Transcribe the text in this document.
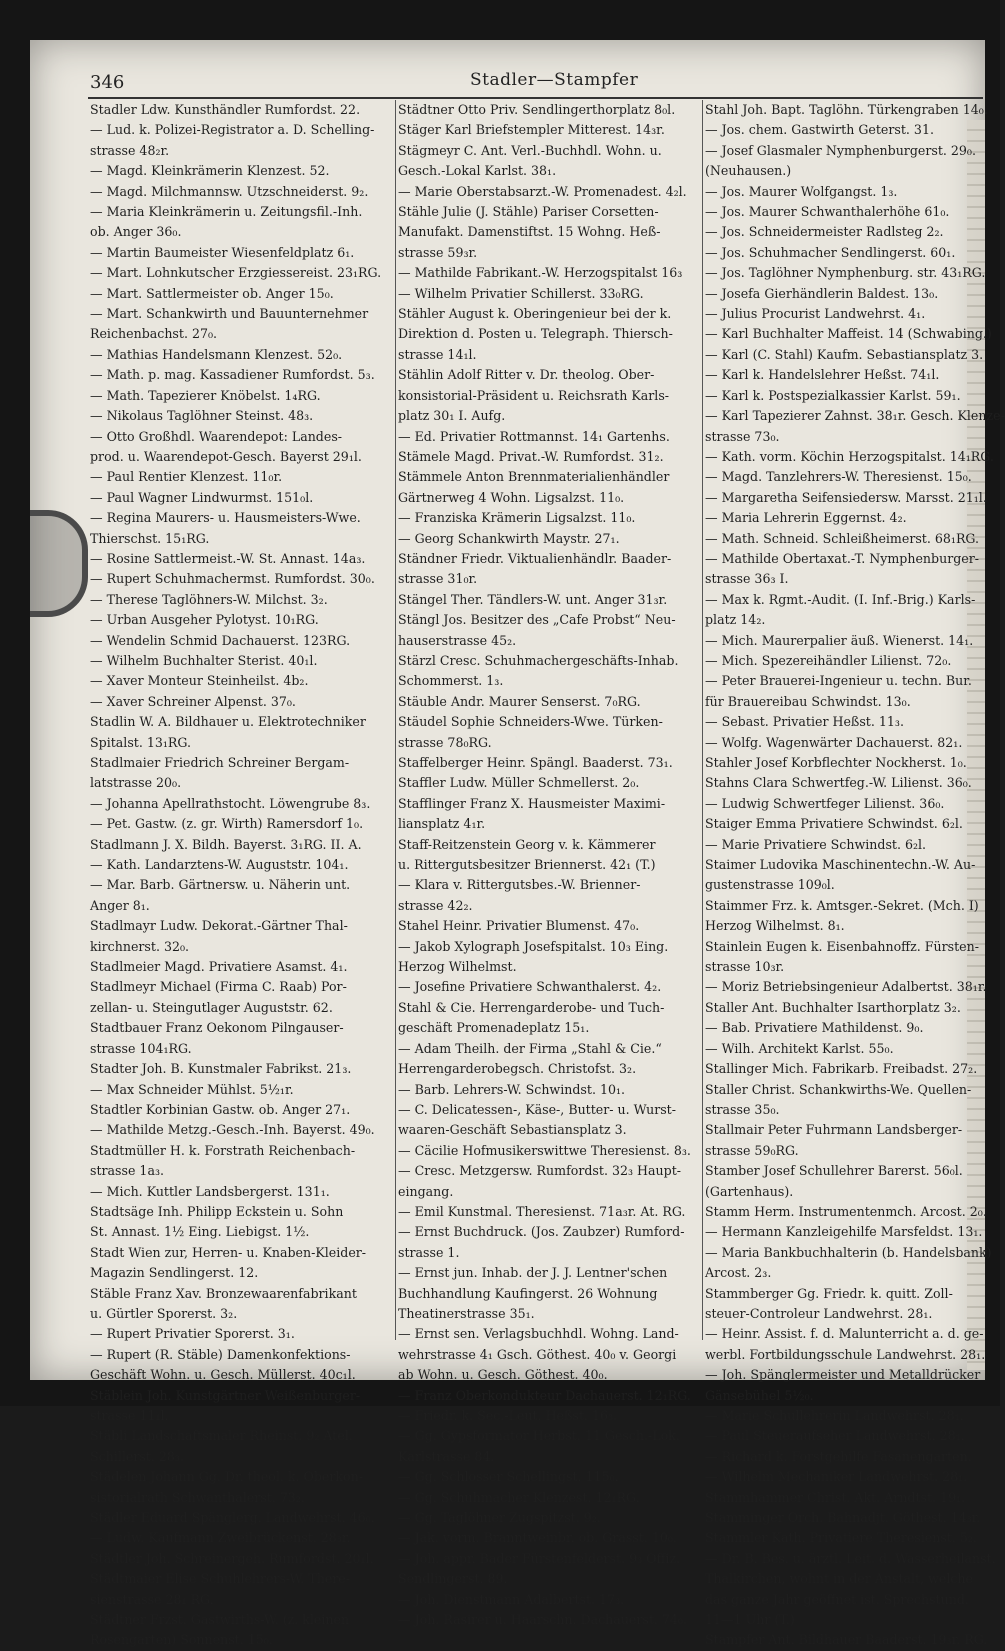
346	Stadler—Stampfer
Stadler Ldw. Kunsthändler Rumfordst. 22.
— Lud. k. Polizei-Registrator a. D. Schelling-
strasse 48₂r.
— Magd. Kleinkrämerin Klenzest. 52.
— Magd. Milchmannsw. Utzschneiderst. 9₂.
— Maria Kleinkrämerin u. Zeitungsfil.-Inh.
ob. Anger 36₀.
— Martin Baumeister Wiesenfeldplatz 6₁.
— Mart. Lohnkutscher Erzgiessereist. 23₁RG.
— Mart. Sattlermeister ob. Anger 15₀.
— Mart. Schankwirth und Bauunternehmer
Reichenbachst. 27₀.
— Mathias Handelsmann Klenzest. 52₀.
— Math. p. mag. Kassadiener Rumfordst. 5₃.
— Math. Tapezierer Knöbelst. 1₄RG.
— Nikolaus Taglöhner Steinst. 48₃.
— Otto Großhdl. Waarendepot: Landes-
prod. u. Waarendepot-Gesch. Bayerst 29₁l.
— Paul Rentier Klenzest. 11₀r.
— Paul Wagner Lindwurmst. 151₀l.
— Regina Maurers- u. Hausmeisters-Wwe.
Thierschst. 15₁RG.
— Rosine Sattlermeist.-W. St. Annast. 14a₃.
— Rupert Schuhmachermst. Rumfordst. 30₀.
— Therese Taglöhners-W. Milchst. 3₂.
— Urban Ausgeher Pylotyst. 10₁RG.
— Wendelin Schmid Dachauerst. 123RG.
— Wilhelm Buchhalter Sterist. 40₁l.
— Xaver Monteur Steinheilst. 4b₂.
— Xaver Schreiner Alpenst. 37₀.
Stadlin W. A. Bildhauer u. Elektrotechniker
Spitalst. 13₁RG.
Stadlmaier Friedrich Schreiner Bergam-
latstrasse 20₀.
— Johanna Apellrathstocht. Löwengrube 8₃.
— Pet. Gastw. (z. gr. Wirth) Ramersdorf 1₀.
Stadlmann J. X. Bildh. Bayerst. 3₁RG. II. A.
— Kath. Landarztens-W. Auguststr. 104₁.
— Mar. Barb. Gärtnersw. u. Näherin unt.
Anger 8₁.
Stadlmayr Ludw. Dekorat.-Gärtner Thal-
kirchnerst. 32₀.
Stadlmeier Magd. Privatiere Asamst. 4₁.
Stadlmeyr Michael (Firma C. Raab) Por-
zellan- u. Steingutlager Auguststr. 62.
Stadtbauer Franz Oekonom Pilngauser-
strasse 104₁RG.
Stadter Joh. B. Kunstmaler Fabrikst. 21₃.
— Max Schneider Mühlst. 5½₁r.
Stadtler Korbinian Gastw. ob. Anger 27₁.
— Mathilde Metzg.-Gesch.-Inh. Bayerst. 49₀.
Stadtmüller H. k. Forstrath Reichenbach-
strasse 1a₃.
— Mich. Kuttler Landsbergerst. 131₁.
Stadtsäge Inh. Philipp Eckstein u. Sohn
St. Annast. 1½ Eing. Liebigst. 1½.
Stadt Wien zur, Herren- u. Knaben-Kleider-
Magazin Sendlingerst. 12.
Stäble Franz Xav. Bronzewaarenfabrikant
u. Gürtler Sporerst. 3₂.
— Rupert Privatier Sporerst. 3₁.
— Rupert (R. Stäble) Damenkonfektions-
Geschäft Wohn. u. Gesch. Müllerst. 40c₁l.
Stäblein Joh. Kunstgärtner Weißenburger-
strasse 11₁l.
Stäbli Landschaftsmaler Rheinst. 9₂ Atel.
Schillerst. 28₃.
Städelen Johann Gg. Dr. theol. k. Oberkon-
sistorialrath Schwanthalerst. 73₂.
Städler Eduard Spänglerg. Landwehrst. 46₀.
— Ludw. Kaufmann Zweibrückenst. 28₃r.
Städtler Joh. Schreinergeh. Rumfordst. 20₁l.
Städtmaier Elise Schuhlehrers-W. There-
sienstrasse 28₁ RG.
Städtner Frzst. Gastwirths-W. (z. kleinen
Rosengarten) Sonnenst. 15₀.
Städtner Otto Priv. Sendlingerthorplatz 8₀l.
Stäger Karl Briefstempler Mitterest. 14₃r.
Stägmeyr C. Ant. Verl.-Buchhdl. Wohn. u.
Gesch.-Lokal Karlst. 38₁.
— Marie Oberstabsarzt.-W. Promenadest. 4₂l.
Stähle Julie (J. Stähle) Pariser Corsetten-
Manufakt. Damenstiftst. 15 Wohng. Heß-
strasse 59₃r.
— Mathilde Fabrikant.-W. Herzogspitalst 16₃
— Wilhelm Privatier Schillerst. 33₀RG.
Stähler August k. Oberingenieur bei der k.
Direktion d. Posten u. Telegraph. Thiersch-
strasse 14₁l.
Stählin Adolf Ritter v. Dr. theolog. Ober-
konsistorial-Präsident u. Reichsrath Karls-
platz 30₁ I. Aufg.
— Ed. Privatier Rottmannst. 14₁ Gartenhs.
Stämele Magd. Privat.-W. Rumfordst. 31₂.
Stämmele Anton Brennmaterialienhändler
Gärtnerweg 4 Wohn. Ligsalzst. 11₀.
— Franziska Krämerin Ligsalzst. 11₀.
— Georg Schankwirth Maystr. 27₁.
Ständner Friedr. Viktualienhändlr. Baader-
strasse 31₀r.
Stängel Ther. Tändlers-W. unt. Anger 31₃r.
Stängl Jos. Besitzer des „Cafe Probst“ Neu-
hauserstrasse 45₂.
Stärzl Cresc. Schuhmachergeschäfts-Inhab.
Schommerst. 1₃.
Stäuble Andr. Maurer Senserst. 7₀RG.
Stäudel Sophie Schneiders-Wwe. Türken-
strasse 78₀RG.
Staffelberger Heinr. Spängl. Baaderst. 73₁.
Staffler Ludw. Müller Schmellerst. 2₀.
Stafflinger Franz X. Hausmeister Maximi-
liansplatz 4₁r.
Staff-Reitzenstein Georg v. k. Kämmerer
u. Rittergutsbesitzer Briennerst. 42₁ (T.)
— Klara v. Rittergutsbes.-W. Brienner-
strasse 42₂.
Stahel Heinr. Privatier Blumenst. 47₀.
— Jakob Xylograph Josefspitalst. 10₃ Eing.
Herzog Wilhelmst.
— Josefine Privatiere Schwanthalerst. 4₂.
Stahl & Cie. Herrengarderobe- und Tuch-
geschäft Promenadeplatz 15₁.
— Adam Theilh. der Firma „Stahl & Cie.“
Herrengarderobegsch. Christofst. 3₂.
— Barb. Lehrers-W. Schwindst. 10₁.
— C. Delicatessen-, Käse-, Butter- u. Wurst-
waaren-Geschäft Sebastiansplatz 3.
— Cäcilie Hofmusikerswittwe Theresienst. 8₃.
— Cresc. Metzgersw. Rumfordst. 32₃ Haupt-
eingang.
— Emil Kunstmal. Theresienst. 71a₃r. At. RG.
— Ernst Buchdruck. (Jos. Zaubzer) Rumford-
strasse 1.
— Ernst jun. Inhab. der J. J. Lentner'schen
Buchhandlung Kaufingerst. 26 Wohnung
Theatinerstrasse 35₁.
— Ernst sen. Verlagsbuchhdl. Wohng. Land-
wehrstrasse 4₁ Gsch. Göthest. 40₀ v. Georgi
ab Wohn. u. Gesch. Göthest. 40₀.
— Franz Oberkondukteur Dachauerst. 12₁RG.
— Friedr. k. Sec.-Leut. Heßst. 16₃.
— Gg. Gypsformator Herbst. 11 Gesch.-Lok.
Karlstrasse 84.
— Gg. Schlosser Schellingst. 115₀.
— Gg. Schuhmacher Klenzest. 12₁RG.
— Gg. Taglöhner Zugspitzst. 9₂.
— Jak. vorm. Branntweinbr. ob. Grasst. 10₀.
— Joh. appr. Bader Fürstenfelderst. 9₃ Offiz.
Sendlingerst. 89.
— Joh. Dienstmann Adalbertst. 17₃.
— Joh. Rasirer u. Haarschn. Dachauerst. 74₀.
Stahl Joh. Bapt. Taglöhn. Türkengraben 14₀.
— Jos. chem. Gastwirth Geterst. 31.
— Josef Glasmaler Nymphenburgerst. 29₀.
(Neuhausen.)
— Jos. Maurer Wolfgangst. 1₃.
— Jos. Maurer Schwanthalerhöhe 61₀.
— Jos. Schneidermeister Radlsteg 2₂.
— Jos. Schuhmacher Sendlingerst. 60₁.
— Jos. Taglöhner Nymphenburg. str. 43₁RG.
— Josefa Gierhändlerin Baldest. 13₀.
— Julius Procurist Landwehrst. 4₁.
— Karl Buchhalter Maffeist. 14 (Schwabing.)
— Karl (C. Stahl) Kaufm. Sebastiansplatz 3.
— Karl k. Handelslehrer Heßst. 74₁l.
— Karl k. Postspezialkassier Karlst. 59₁.
— Karl Tapezierer Zahnst. 38₁r. Gesch. Klenze-
strasse 73₀.
— Kath. vorm. Köchin Herzogspitalst. 14₁RG.
— Magd. Tanzlehrers-W. Theresienst. 15₀.
— Margaretha Seifensiedersw. Marsst. 21₁l.
— Maria Lehrerin Eggernst. 4₂.
— Math. Schneid. Schleißheimerst. 68₁RG.
— Mathilde Obertaxat.-T. Nymphenburger-
strasse 36₃ I.
— Max k. Rgmt.-Audit. (I. Inf.-Brig.) Karls-
platz 14₂.
— Mich. Maurerpalier äuß. Wienerst. 14₁.
— Mich. Spezereihändler Lilienst. 72₀.
— Peter Brauerei-Ingenieur u. techn. Bur.
für Brauereibau Schwindst. 13₀.
— Sebast. Privatier Heßst. 11₃.
— Wolfg. Wagenwärter Dachauerst. 82₁.
Stahler Josef Korbflechter Nockherst. 1₀.
Stahns Clara Schwertfeg.-W. Lilienst. 36₀.
— Ludwig Schwertfeger Lilienst. 36₀.
Staiger Emma Privatiere Schwindst. 6₂l.
— Marie Privatiere Schwindst. 6₂l.
Staimer Ludovika Maschinentechn.-W. Au-
gustenstrasse 109₀l.
Staimmer Frz. k. Amtsger.-Sekret. (Mch. I)
Herzog Wilhelmst. 8₁.
Stainlein Eugen k. Eisenbahnoffz. Fürsten-
strasse 10₃r.
— Moriz Betriebsingenieur Adalbertst. 38₁r.
Staller Ant. Buchhalter Isarthorplatz 3₂.
— Bab. Privatiere Mathildenst. 9₀.
— Wilh. Architekt Karlst. 55₀.
Stallinger Mich. Fabrikarb. Freibadst. 27₂.
Staller Christ. Schankwirths-We. Quellen-
strasse 35₀.
Stallmair Peter Fuhrmann Landsberger-
strasse 59₀RG.
Stamber Josef Schullehrer Barerst. 56₀l.
(Gartenhaus).
Stamm Herm. Instrumentenmch. Arcost. 2₀.
— Hermann Kanzleigehilfe Marsfeldst. 13₁.
— Maria Bankbuchhalterin (b. Handelsbank)
Arcost. 2₃.
Stammberger Gg. Friedr. k. quitt. Zoll-
steuer-Controleur Landwehrst. 28₁.
— Heinr. Assist. f. d. Malunterricht a. d. ge-
werbl. Fortbildungsschule Landwehrst. 28₁.
— Joh. Spänglermeister und Metalldrücker
Gänsebühel 5½₀.
— Marie Schullehrerin Landwehrst. 28₁.
— Paul Steueraufseher Landwehrst. 28₁.
— Richard k. Forstgehilfe Fasanengarten.
— Wilhelm Mechaniker Landwehrst. 28₁.
Stammhammer Christ. Akt. Arndtst. 19₁.
Stamminger Orch. Bahnadjt. Göthest. 14₃r.
Stammler Kath. Privatiere Theresienst. 5₂.
— Dr. B. Bes. u. ärztl. Leit. d. Wasserheilanst.
Thalkirchen, wohnt in der Anstalt, welche
das ganze Jahr geöffnet ist. Sprechstund.
11—1 Uhr (T.)
Stampfer Ant. Bildhauer Baaderst. 19₃r. RG.
